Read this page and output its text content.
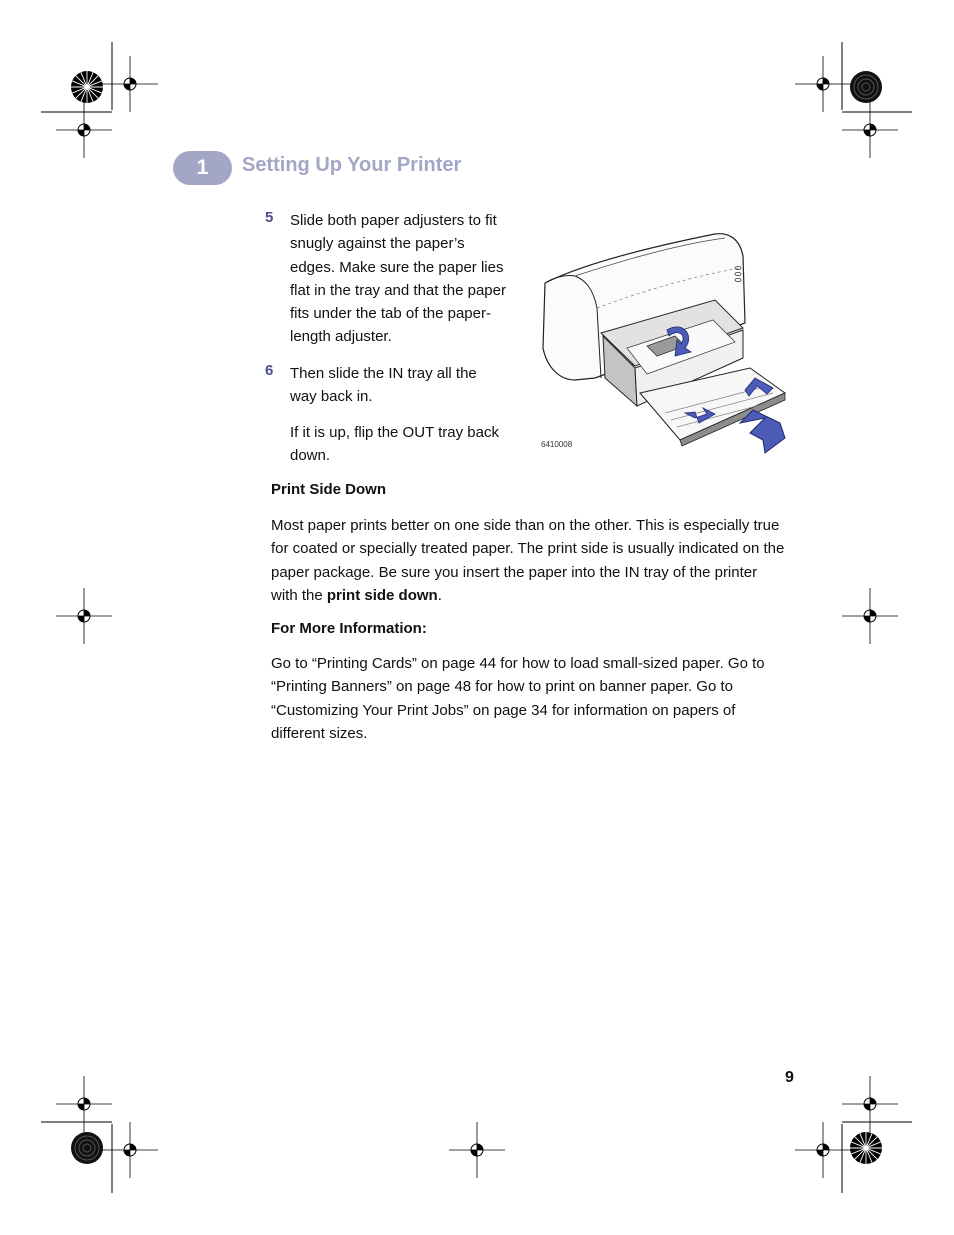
1	Setting Up Your Printer
5 Slide both paper adjusters to fit snugly against the paper’s edges. Make sure the paper lies flat in the tray and that the paper fits under the tab of the paper-length adjuster.
6 Then slide the IN tray all the way back in.
If it is up, flip the OUT tray back down.
6410008
Print Side Down
Most paper prints better on one side than on the other. This is especially true for coated or specially treated paper. The print side is usually indicated on the paper package. Be sure you insert the paper into the IN tray of the printer with the print side down.
For More Information:
Go to “Printing Cards” on page 44 for how to load small-sized paper. Go to “Printing Banners” on page 48 for how to print on banner paper. Go to “Customizing Your Print Jobs” on page 34 for information on papers of different sizes.
9
